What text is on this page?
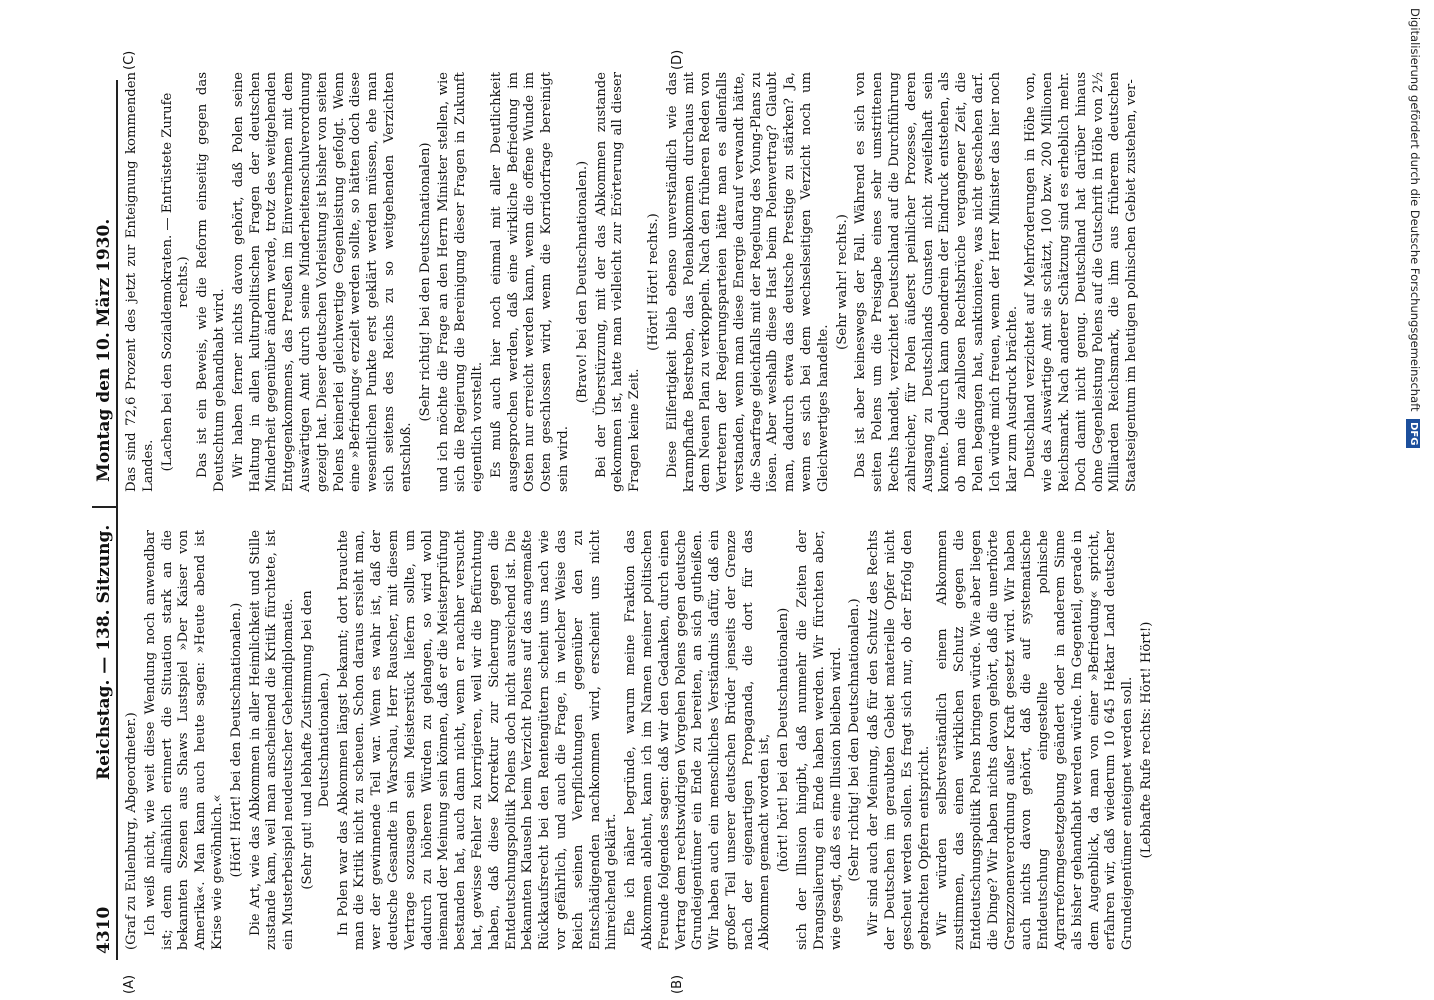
4310
Reichstag. — 138. Sitzung.
Montag den 10. März 1930.

(Graf zu Eulenburg, Abgeordneter.) Ich weiß nicht, wie weit diese Wendung noch anwendbar ist; denn allmählich erinnert die Situation stark an die bekannten Szenen aus Shaws Lustspiel »Der Kaiser von Amerika«. Man kann auch heute sagen: »Heute abend ist Krise wie gewöhnlich.« (Hört! Hört! bei den Deutschnationalen.) Die Art, wie das Abkommen in aller Heimlichkeit und Stille zustande kam, weil man anscheinend die Kritik fürchtete, ist ein Musterbeispiel neudeutscher Geheimdiplomatie. (Sehr gut! und lebhafte Zustimmung bei den Deutschnationalen.) In Polen war das Abkommen längst bekannt; dort brauchte man die Kritik nicht zu scheuen. Schon daraus ersieht man, wer der gewinnende Teil war. Wenn es wahr ist, daß der deutsche Gesandte in Warschau, Herr Rauscher, mit diesem Vertrage sozusagen sein Meisterstück liefern sollte, um dadurch zu höheren Würden zu gelangen, so wird wohl niemand der Meinung sein können, daß er die Meisterprüfung bestanden hat, auch dann nicht, wenn er nachher versucht hat, gewisse Fehler zu korrigieren, weil wir die Befürchtung haben, daß diese Korrektur zur Sicherung gegen die Entdeutschungspolitik Polens doch nicht ausreichend ist. Die bekannten Klauseln beim Verzicht Polens auf das angemaßte Rückkaufsrecht bei den Rentengütern scheint uns nach wie vor gefährlich, und auch die Frage, in welcher Weise das Reich seinen Verpflichtungen gegenüber den zu Entschädigenden nachkommen wird, erscheint uns nicht hinreichend geklärt. Ehe ich näher begründe, warum meine Fraktion das Abkommen ablehnt, kann ich im Namen meiner politischen Freunde folgendes sagen: daß wir den Gedanken, durch einen Vertrag dem rechtswidrigen Vorgehen Polens gegen deutsche Grundeigentümer ein Ende zu bereiten, an sich gutheißen. Wir haben auch ein menschliches Verständnis dafür, daß ein großer Teil unserer deutschen Brüder jenseits der Grenze nach der eigenartigen Propaganda, die dort für das Abkommen gemacht worden ist, (hört! hört! bei den Deutschnationalen) sich der Illusion hingibt, daß nunmehr die Zeiten der Drangsalierung ein Ende haben werden. Wir fürchten aber, wie gesagt, daß es eine Illusion bleiben wird. (Sehr richtig! bei den Deutschnationalen.) Wir sind auch der Meinung, daß für den Schutz des Rechts der Deutschen im geraubten Gebiet materielle Opfer nicht gescheut werden sollen. Es fragt sich nur, ob der Erfolg den gebrachten Opfern entspricht. Wir würden selbstverständlich einem Abkommen zustimmen, das einen wirklichen Schutz gegen die Entdeutschungspolitik Polens bringen würde. Wie aber liegen die Dinge? Wir haben nichts davon gehört, daß die unerhörte Grenzzonenverordnung außer Kraft gesetzt wird. Wir haben auch nichts davon gehört, daß die auf systematische Entdeutschung eingestellte polnische Agrarreformgesetzgebung geändert oder in anderem Sinne als bisher gehandhabt werden würde. Im Gegenteil, gerade in dem Augenblick, da man von einer »Befriedung« spricht, erfahren wir, daß wiederum 10 645 Hektar Land deutscher Grundeigentümer enteignet werden soll. (Lebhafte Rufe rechts: Hört! Hört!)

Das sind 72,6 Prozent des jetzt zur Enteignung kommenden Landes. (Lachen bei den Sozialdemokraten. — Entrüstete Zurufe rechts.) Das ist ein Beweis, wie die Reform einseitig gegen das Deutschtum gehandhabt wird. Wir haben ferner nichts davon gehört, daß Polen seine Haltung in allen kulturpolitischen Fragen der deutschen Minderheit gegenüber ändern werde, trotz des weitgehenden Entgegenkommens, das Preußen im Einvernehmen mit dem Auswärtigen Amt durch seine Minderheitenschulverordnung gezeigt hat. Dieser deutschen Vorleistung ist bisher von seiten Polens keinerlei gleichwertige Gegenleistung gefolgt. Wenn eine »Befriedung« erzielt werden sollte, so hätten doch diese wesentlichen Punkte erst geklärt werden müssen, ehe man sich seitens des Reichs zu so weitgehenden Verzichten entschloß.

(Sehr richtig! bei den Deutschnationalen) und ich möchte die Frage an den Herrn Minister stellen, wie sich die Regierung die Bereinigung dieser Fragen in Zukunft eigentlich vorstellt. Es muß auch hier noch einmal mit aller Deutlichkeit ausgesprochen werden, daß eine wirkliche Befriedung im Osten nur erreicht werden kann, wenn die offene Wunde im Osten geschlossen wird, wenn die Korridorfrage bereinigt sein wird.

(Bravo! bei den Deutschnationalen.) Bei der Überstürzung, mit der das Abkommen zustande gekommen ist, hatte man vielleicht zur Erörterung all dieser Fragen keine Zeit.

(Hört! Hört! rechts.) Diese Eilfertigkeit blieb ebenso unverständlich wie das krampfhafte Bestreben, das Polenabkommen durchaus mit dem Neuen Plan zu verkoppeln. Nach den früheren Reden von Vertretern der Regierungsparteien hätte man es allenfalls verstanden, wenn man diese Energie darauf verwandt hätte, die Saarfrage gleichfalls mit der Regelung des Young-Plans zu lösen. Aber weshalb diese Hast beim Polenvertrag? Glaubt man, dadurch etwa das deutsche Prestige zu stärken? Ja, wenn es sich bei dem wechselseitigen Verzicht noch um Gleichwertiges handelte.

(Sehr wahr! rechts.) Das ist aber keineswegs der Fall. Während es sich von seiten Polens um die Preisgabe eines sehr umstrittenen Rechts handelt, verzichtet Deutschland auf die Durchführung zahlreicher, für Polen äußerst peinlicher Prozesse, deren Ausgang zu Deutschlands Gunsten nicht zweifelhaft sein konnte. Dadurch kann obendrein der Eindruck entstehen, als ob man die zahllosen Rechtsbrüche vergangener Zeit, die Polen begangen hat, sanktioniere, was nicht geschehen darf. Ich würde mich freuen, wenn der Herr Minister das hier noch klar zum Ausdruck brächte. Deutschland verzichtet auf Mehrforderungen in Höhe von, wie das Auswärtige Amt sie schätzt, 100 bzw. 200 Millionen Reichsmark. Nach anderer Schätzung sind es erheblich mehr. Doch damit nicht genug. Deutschland hat darüber hinaus ohne Gegenleistung Polens auf die Gutschrift in Höhe von 2½ Milliarden Reichsmark, die ihm aus früherem deutschen Staatseigentum im heutigen polnischen Gebiet zustehen, ver-

(A)	(B)
(C)	(D)	Digitalisierung gefördert durch die Deutsche Forschungsgemeinschaft DFG
